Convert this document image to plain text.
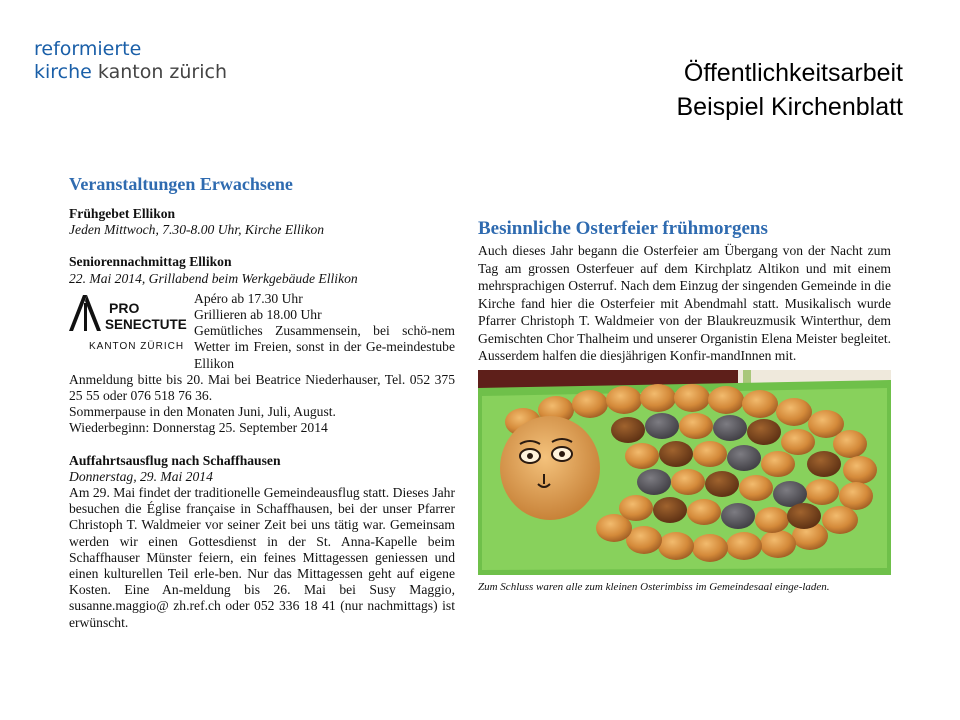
reformierte
kirche kanton zürich	Öffentlichkeitsarbeit
Beispiel Kirchenblatt
Veranstaltungen Erwachsene
Frühgebet Ellikon
Jeden Mittwoch, 7.30-8.00 Uhr, Kirche Ellikon
Seniorennachmittag Ellikon
22. Mai 2014, Grillabend beim Werkgebäude Ellikon
PRO
SENECTUTE
KANTON ZÜRICH
Apéro ab 17.30 Uhr
Grillieren ab 18.00 Uhr
Gemütliches Zusammensein, bei schö-nem Wetter im Freien, sonst in der Ge-meindestube Ellikon
Anmeldung bitte bis 20. Mai bei Beatrice Niederhauser, Tel. 052 375 25 55 oder 076 518 76 36.
Sommerpause in den Monaten Juni, Juli, August.
Wiederbeginn: Donnerstag 25. September 2014
Auffahrtsausflug nach Schaffhausen
Donnerstag, 29. Mai 2014
Am 29. Mai findet der traditionelle Gemeindeausflug statt. Dieses Jahr besuchen die Église française in Schaffhausen, bei der unser Pfarrer Christoph T. Waldmeier vor seiner Zeit bei uns tätig war. Gemeinsam werden wir einen Gottesdienst in der St. Anna-Kapelle beim Schaffhauser Münster feiern, ein feines Mittagessen geniessen und einen kulturellen Teil erle-ben. Nur das Mittagessen geht auf eigene Kosten. Eine An-meldung bis 26. Mai bei Susy Maggio, susanne.maggio@ zh.ref.ch oder 052 336 18 41 (nur nachmittags) ist erwünscht.
Besinnliche Osterfeier frühmorgens
Auch dieses Jahr begann die Osterfeier am Übergang von der Nacht zum Tag am grossen Osterfeuer auf dem Kirchplatz Altikon und mit einem mehrsprachigen Osterruf. Nach dem Einzug der singenden Gemeinde in die Kirche fand hier die Osterfeier mit Abendmahl statt. Musikalisch wurde Pfarrer Christoph T. Waldmeier von der Blaukreuzmusik Winterthur, dem Gemischten Chor Thalheim und unserer Organistin Elena Meister begleitet. Ausserdem halfen die diesjährigen Konfir-mandInnen mit.
Zum Schluss waren alle zum kleinen Osterimbiss im Gemeindesaal einge-laden.
